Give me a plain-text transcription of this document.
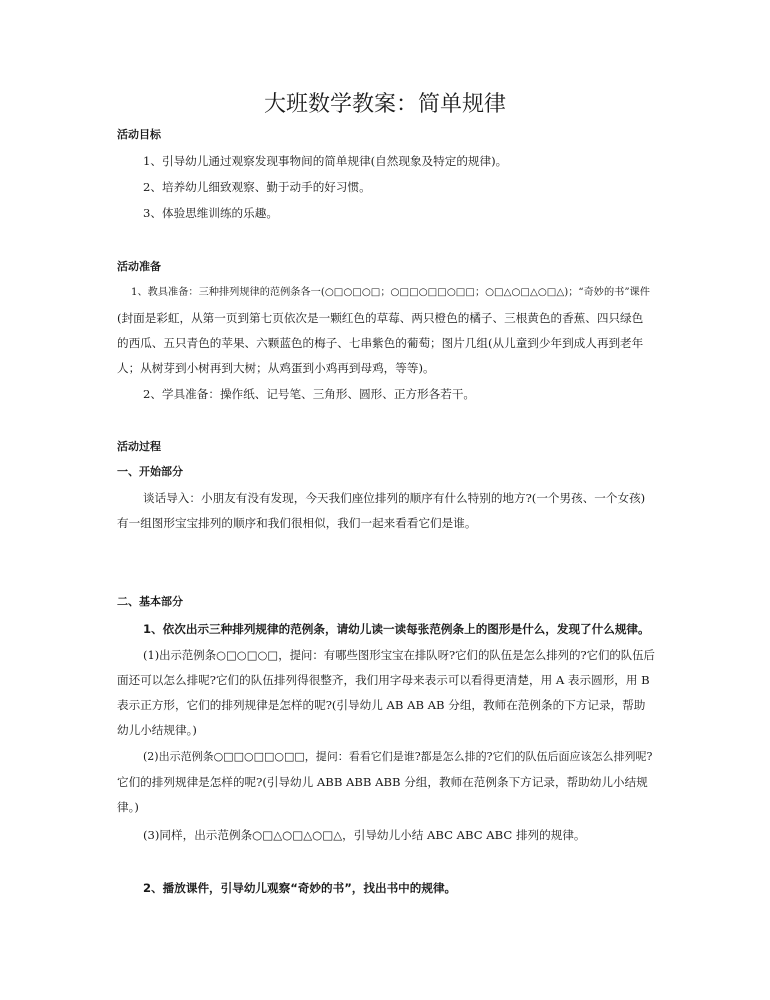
大班数学教案：简单规律
活动目标
1、引导幼儿通过观察发现事物间的简单规律(自然现象及特定的规律)。
2、培养幼儿细致观察、勤于动手的好习惯。
3、体验思维训练的乐趣。
活动准备
1、教具准备：三种排列规律的范例条各一(○□○□○□；○□□○□□○□□；○□△○□△○□△)；“奇妙的书”课件
(封面是彩虹，从第一页到第七页依次是一颗红色的草莓、两只橙色的橘子、三根黄色的香蕉、四只绿色
的西瓜、五只青色的苹果、六颗蓝色的梅子、七串紫色的葡萄；图片几组(从儿童到少年到成人再到老年
人；从树芽到小树再到大树；从鸡蛋到小鸡再到母鸡，等等)。
2、学具准备：操作纸、记号笔、三角形、圆形、正方形各若干。
活动过程
一、开始部分
谈话导入：小朋友有没有发现，今天我们座位排列的顺序有什么特别的地方?(一个男孩、一个女孩)
有一组图形宝宝排列的顺序和我们很相似，我们一起来看看它们是谁。
二、基本部分
1、依次出示三种排列规律的范例条，请幼儿读一读每张范例条上的图形是什么，发现了什么规律。
(1)出示范例条○□○□○□，提问：有哪些图形宝宝在排队呀?它们的队伍是怎么排列的?它们的队伍后
面还可以怎么排呢?它们的队伍排列得很整齐，我们用字母来表示可以看得更清楚，用 A 表示圆形，用 B
表示正方形，它们的排列规律是怎样的呢?(引导幼儿 AB AB AB 分组，教师在范例条的下方记录，帮助
幼儿小结规律。)
(2)出示范例条○□□○□□○□□，提问：看看它们是谁?都是怎么排的?它们的队伍后面应该怎么排列呢?
它们的排列规律是怎样的呢?(引导幼儿 ABB ABB ABB 分组，教师在范例条下方记录，帮助幼儿小结规
律。)
(3)同样，出示范例条○□△○□△○□△，引导幼儿小结 ABC ABC ABC 排列的规律。
2、播放课件，引导幼儿观察“奇妙的书”，找出书中的规律。
